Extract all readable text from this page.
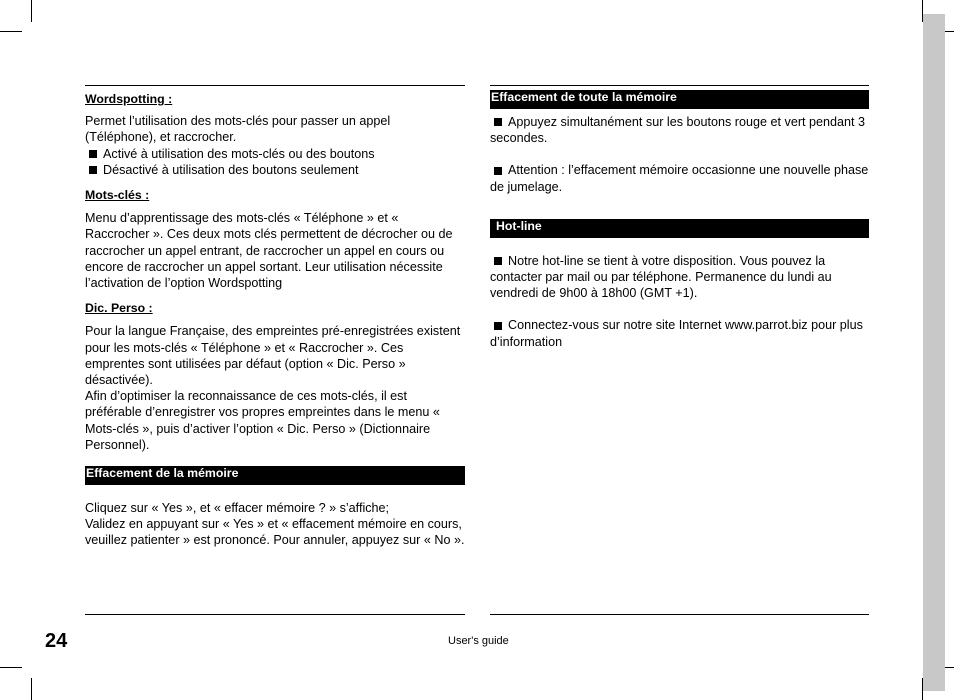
Wordspotting :

Permet l’utilisation des mots-clés pour passer un appel (Téléphone), et raccrocher.

Activé à utilisation des mots-clés ou des boutons
Désactivé à utilisation des boutons seulement

Mots-clés :

Menu d’apprentissage des mots-clés « Téléphone » et « Raccrocher ». Ces deux mots clés permettent de décrocher ou de raccrocher un appel entrant, de raccrocher un appel en cours ou encore de raccrocher un appel sortant. Leur utilisation nécessite l’activation de l’option Wordspotting

Dic. Perso :

Pour la langue Française, des empreintes pré-enregistrées existent pour les mots-clés « Téléphone » et « Raccrocher ». Ces emprentes sont utilisées par défaut (option « Dic. Perso » désactivée).

Afin d’optimiser la reconnaissance de ces mots-clés, il est préférable d’enregistrer vos propres empreintes dans le menu « Mots-clés », puis d’activer l’option « Dic. Perso » (Dictionnaire Personnel).

Effacement de la mémoire

Cliquez sur « Yes », et « effacer mémoire ? » s’affiche;

Validez en appuyant sur « Yes » et « effacement mémoire en cours, veuillez patienter » est prononcé. Pour annuler, appuyez sur « No ».

Effacement de toute la mémoire

Appuyez simultanément sur les boutons rouge et vert pendant 3 secondes.

Attention : l’effacement mémoire occasionne une nouvelle phase de jumelage.

Hot-line

Notre hot-line se tient à votre disposition. Vous pouvez la contacter par mail ou par téléphone. Permanence du lundi au vendredi de 9h00 à 18h00 (GMT +1).

Connectez-vous sur notre site Internet www.parrot.biz pour plus d’information

24	User's guide
